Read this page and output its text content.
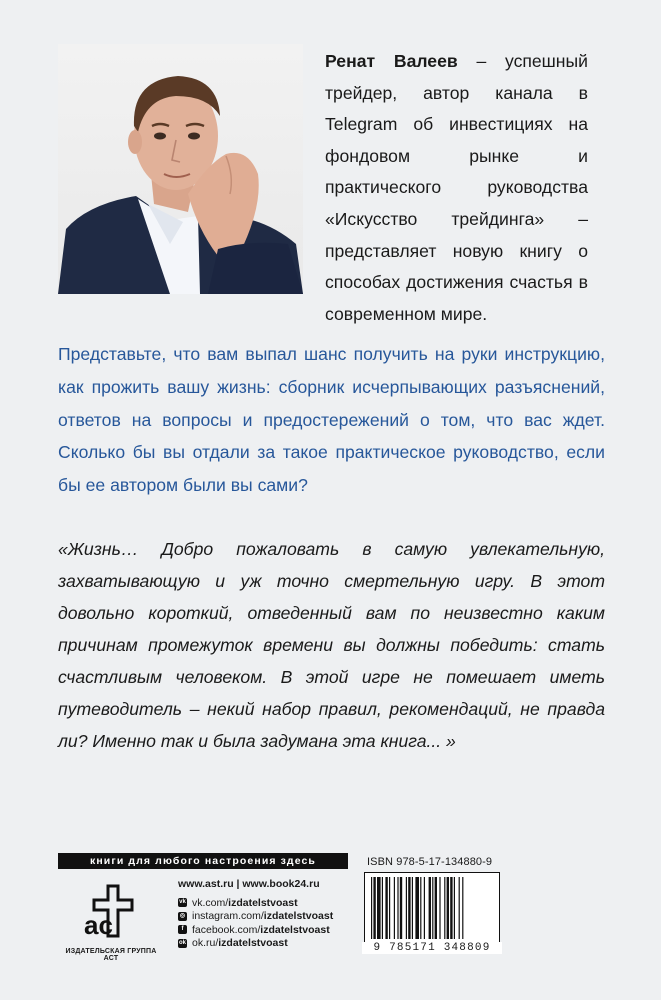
Ренат Валеев – успешный трейдер, автор канала в Telegram об инвестициях на фондовом рынке и практического руководства «Искусство трейдинга» – представляет новую книгу о способах достижения счастья в современном мире.
Представьте, что вам выпал шанс получить на руки инструкцию, как прожить вашу жизнь: сборник исчерпывающих разъяснений, ответов на вопросы и предостережений о том, что вас ждет. Сколько бы вы отдали за такое практическое руководство, если бы ее автором были вы сами?
«Жизнь… Добро пожаловать в самую увлекательную, захватывающую и уж точно смертельную игру. В этот довольно короткий, отведенный вам по неизвестно каким причинам промежуток времени вы должны победить: стать счастливым человеком. В этой игре не помешает иметь путеводитель – некий набор правил, рекомендаций, не правда ли? Именно так и была задумана эта книга... »
книги для любого настроения здесь
ас
ИЗДАТЕЛЬСКАЯ ГРУППА АСТ
www.ast.ru | www.book24.ru
vk vk.com/ izdatelstvoast
◎ instagram.com/ izdatelstvoast
f facebook.com/ izdatelstvoast
ok ok.ru/ izdatelstvoast
ISBN 978-5-17-134880-9
9 785171 348809
